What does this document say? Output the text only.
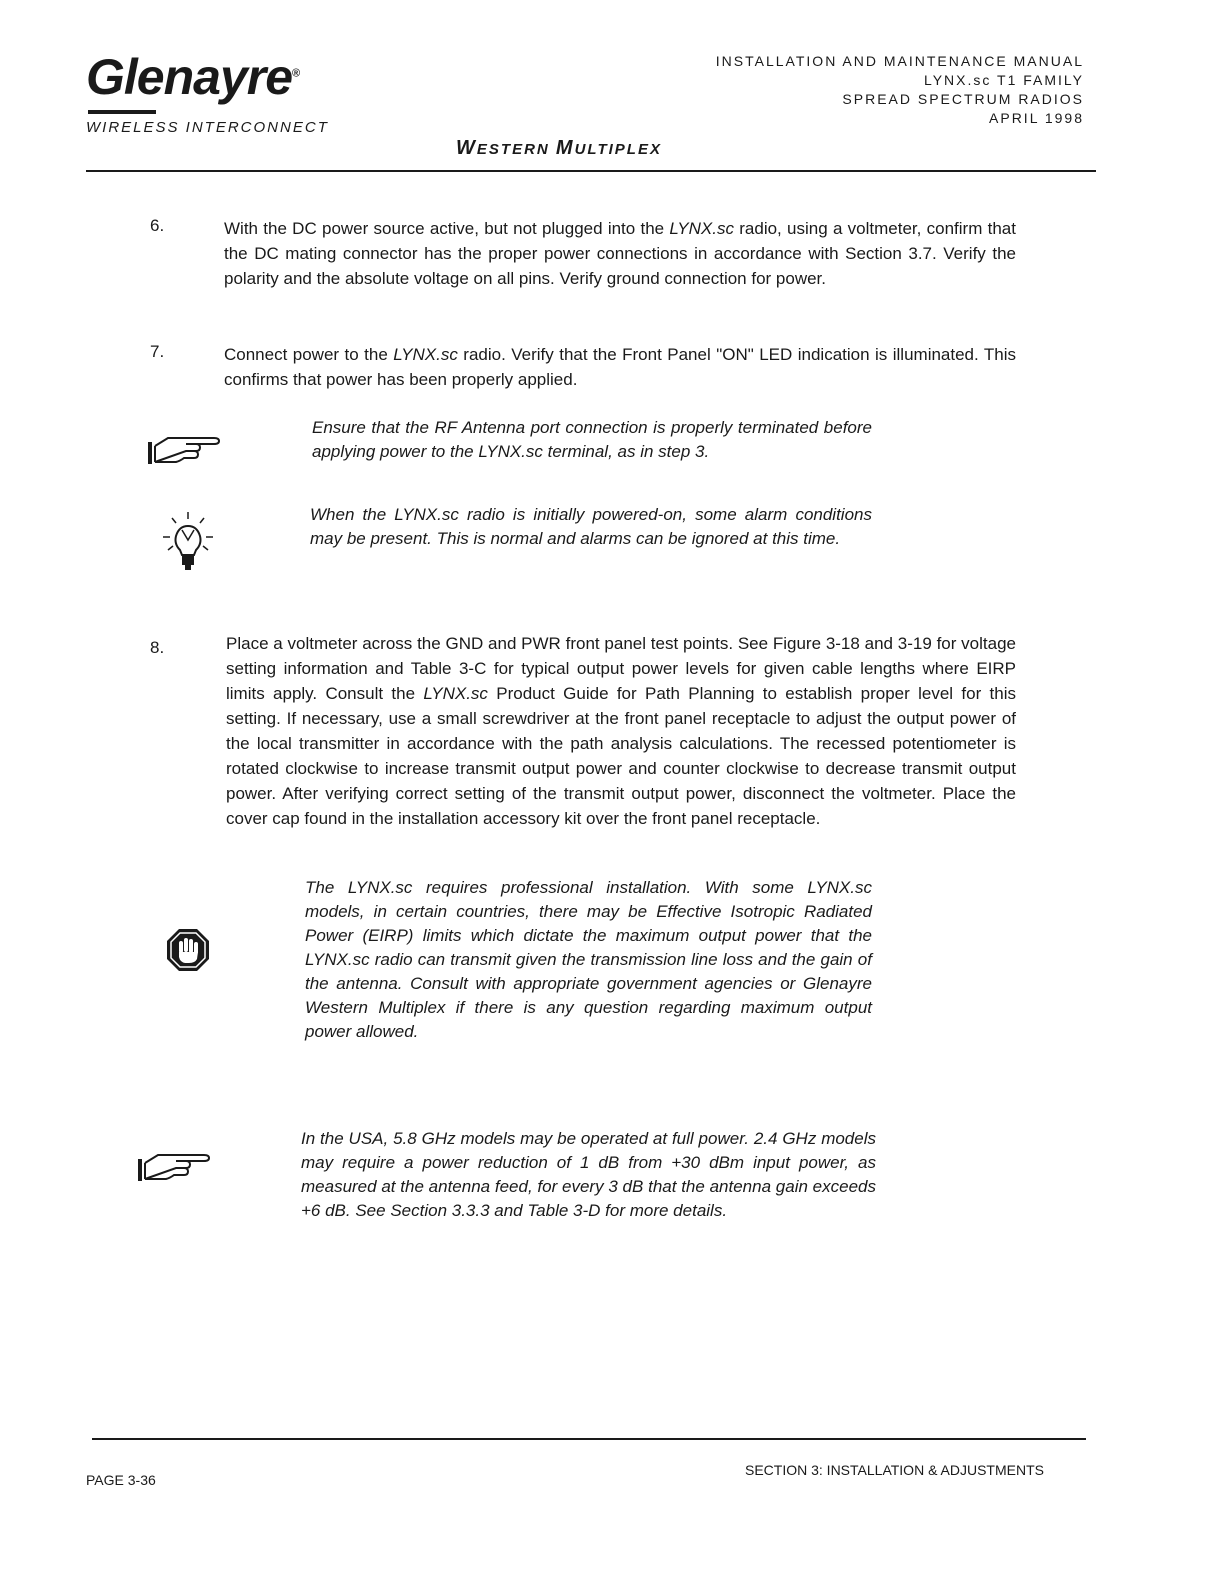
Glenayre®
WIRELESS INTERCONNECT
INSTALLATION AND MAINTENANCE MANUAL
LYNX.sc T1 FAMILY
SPREAD SPECTRUM RADIOS
APRIL 1998
WESTERN MULTIPLEX
6.	With the DC power source active, but not plugged into the LYNX.sc radio, using a voltmeter, confirm that the DC mating connector has the proper power connections in accordance with Section 3.7. Verify the polarity and the absolute voltage on all pins. Verify ground connection for power.
7.	Connect power to the LYNX.sc radio. Verify that the Front Panel "ON" LED indication is illuminated. This confirms that power has been properly applied.
Ensure that the RF Antenna port connection is properly terminated before applying power to the LYNX.sc terminal, as in step 3.
When the LYNX.sc radio is initially powered-on, some alarm conditions may be present. This is normal and alarms can be ignored at this time.
8.	Place a voltmeter across the GND and PWR front panel test points. See Figure 3-18 and 3-19 for voltage setting information and Table 3-C for typical output power levels for given cable lengths where EIRP limits apply. Consult the LYNX.sc Product Guide for Path Planning to establish proper level for this setting. If necessary, use a small screwdriver at the front panel receptacle to adjust the output power of the local transmitter in accordance with the path analysis calculations. The recessed potentiometer is rotated clockwise to increase transmit output power and counter clockwise to decrease transmit output power. After verifying correct setting of the transmit output power, disconnect the voltmeter. Place the cover cap found in the installation accessory kit over the front panel receptacle.
The LYNX.sc requires professional installation. With some LYNX.sc models, in certain countries, there may be Effective Isotropic Radiated Power (EIRP) limits which dictate the maximum output power that the LYNX.sc radio can transmit given the transmission line loss and the gain of the antenna. Consult with appropriate government agencies or Glenayre Western Multiplex if there is any question regarding maximum output power allowed.
In the USA, 5.8 GHz models may be operated at full power. 2.4 GHz models may require a power reduction of 1 dB from +30 dBm input power, as measured at the antenna feed, for every 3 dB that the antenna gain exceeds +6 dB. See Section 3.3.3 and Table 3-D for more details.
PAGE 3-36
SECTION 3: INSTALLATION & ADJUSTMENTS
